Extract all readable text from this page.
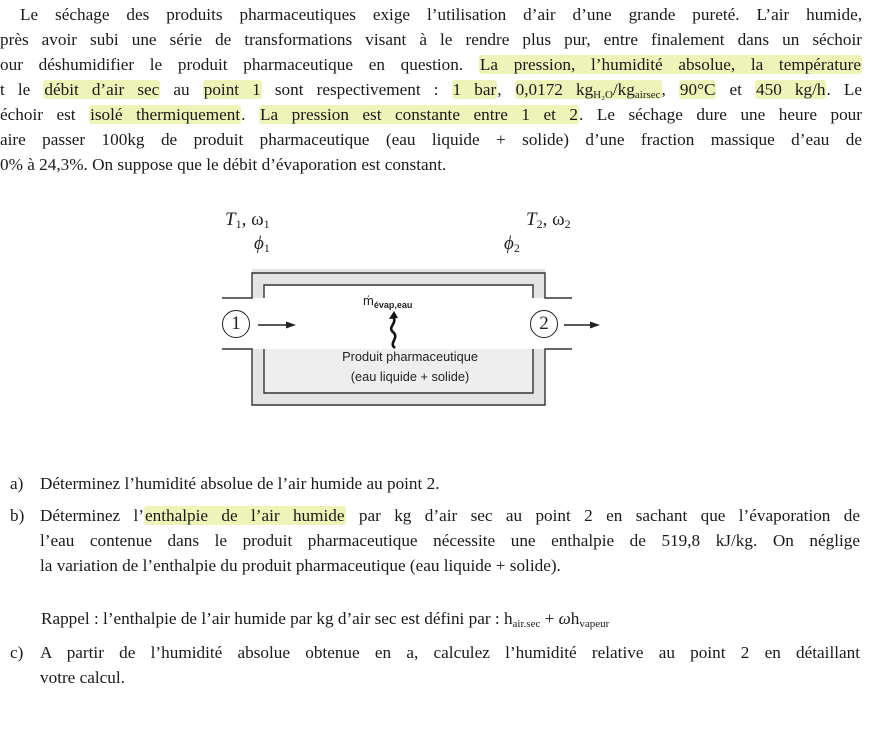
Le séchage des produits pharmaceutiques exige l’utilisation d’air d’une grande pureté. L’air humide,
près avoir subi une série de transformations visant à le rendre plus pur, entre finalement dans un séchoir
our déshumidifier le produit pharmaceutique en question. La pression, l’humidité absolue, la température
t le débit d’air sec au point 1 sont respectivement : 1 bar, 0,0172 $kg_{H_2O}/kg_{airsec}$, 90°C et 450 kg/h. Le
échoir est isolé thermiquement. La pression est constante entre 1 et 2. Le séchage dure une heure pour
aire passer 100kg de produit pharmaceutique (eau liquide + solide) d’une fraction massique d’eau de
0% à 24,3%. On suppose que le débit d’évaporation est constant.
$T_1$, $\omega_1$
$\phi_1$
$T_2$, $\omega_2$
$\phi_2$
1	2
ṁ$_{évap,eau}$
Produit pharmaceutique
(eau liquide + solide)
a) Déterminez l’humidité absolue de l’air humide au point 2.
b) Déterminez l’enthalpie de l’air humide par kg d’air sec au point 2 en sachant que l’évaporation de
l’eau contenue dans le produit pharmaceutique nécessite une enthalpie de 519,8 kJ/kg. On néglige
la variation de l’enthalpie du produit pharmaceutique (eau liquide + solide).
Rappel : l’enthalpie de l’air humide par kg d’air sec est défini par : $h_{air.sec} + \omega h_{vapeur}$
c) A partir de l’humidité absolue obtenue en a, calculez l’humidité relative au point 2 en détaillant
votre calcul.
